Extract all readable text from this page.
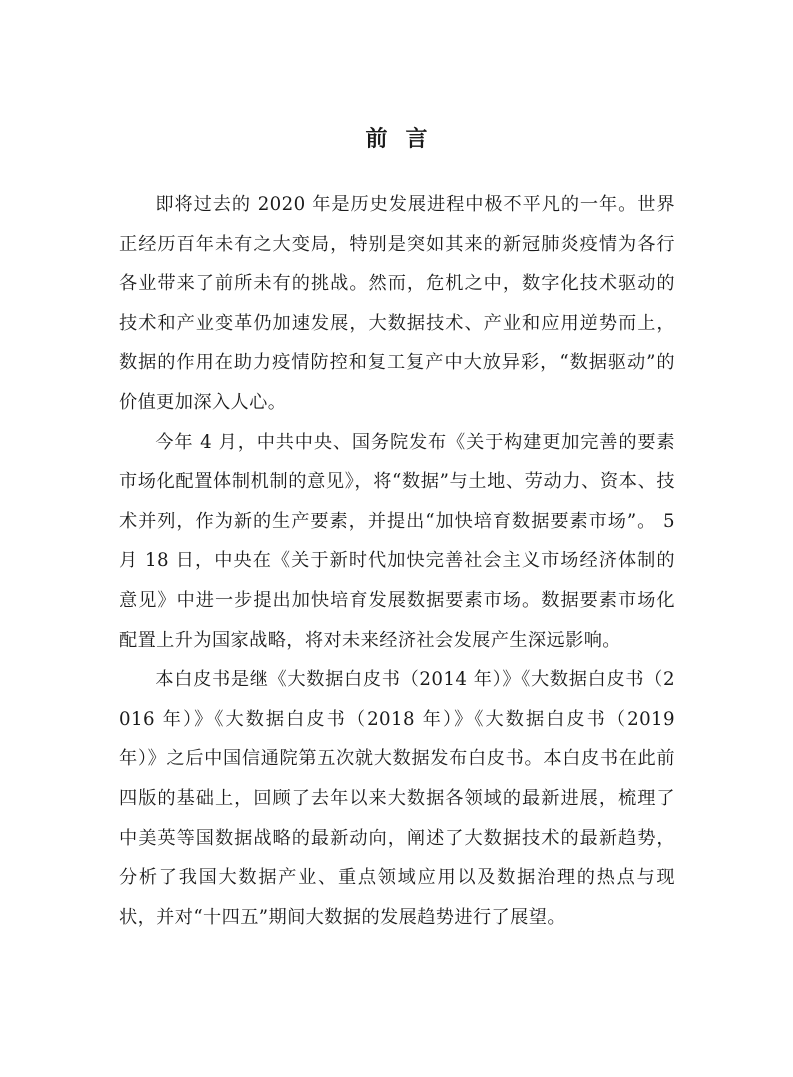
前言

即将过去的 2020 年是历史发展进程中极不平凡的一年。世界正经历百年未有之大变局，特别是突如其来的新冠肺炎疫情为各行各业带来了前所未有的挑战。然而，危机之中，数字化技术驱动的技术和产业变革仍加速发展，大数据技术、产业和应用逆势而上，数据的作用在助力疫情防控和复工复产中大放异彩，“数据驱动”的价值更加深入人心。

今年 4 月，中共中央、国务院发布《关于构建更加完善的要素市场化配置体制机制的意见》，将“数据”与土地、劳动力、资本、技术并列，作为新的生产要素，并提出“加快培育数据要素市场”。 5 月 18 日，中央在《关于新时代加快完善社会主义市场经济体制的意见》中进一步提出加快培育发展数据要素市场。数据要素市场化配置上升为国家战略，将对未来经济社会发展产生深远影响。

本白皮书是继《大数据白皮书（2014 年）》《大数据白皮书（2016 年）》《大数据白皮书（2018 年）》《大数据白皮书（2019 年）》之后中国信通院第五次就大数据发布白皮书。本白皮书在此前四版的基础上，回顾了去年以来大数据各领域的最新进展，梳理了中美英等国数据战略的最新动向，阐述了大数据技术的最新趋势，分析了我国大数据产业、重点领域应用以及数据治理的热点与现状，并对“十四五”期间大数据的发展趋势进行了展望。
